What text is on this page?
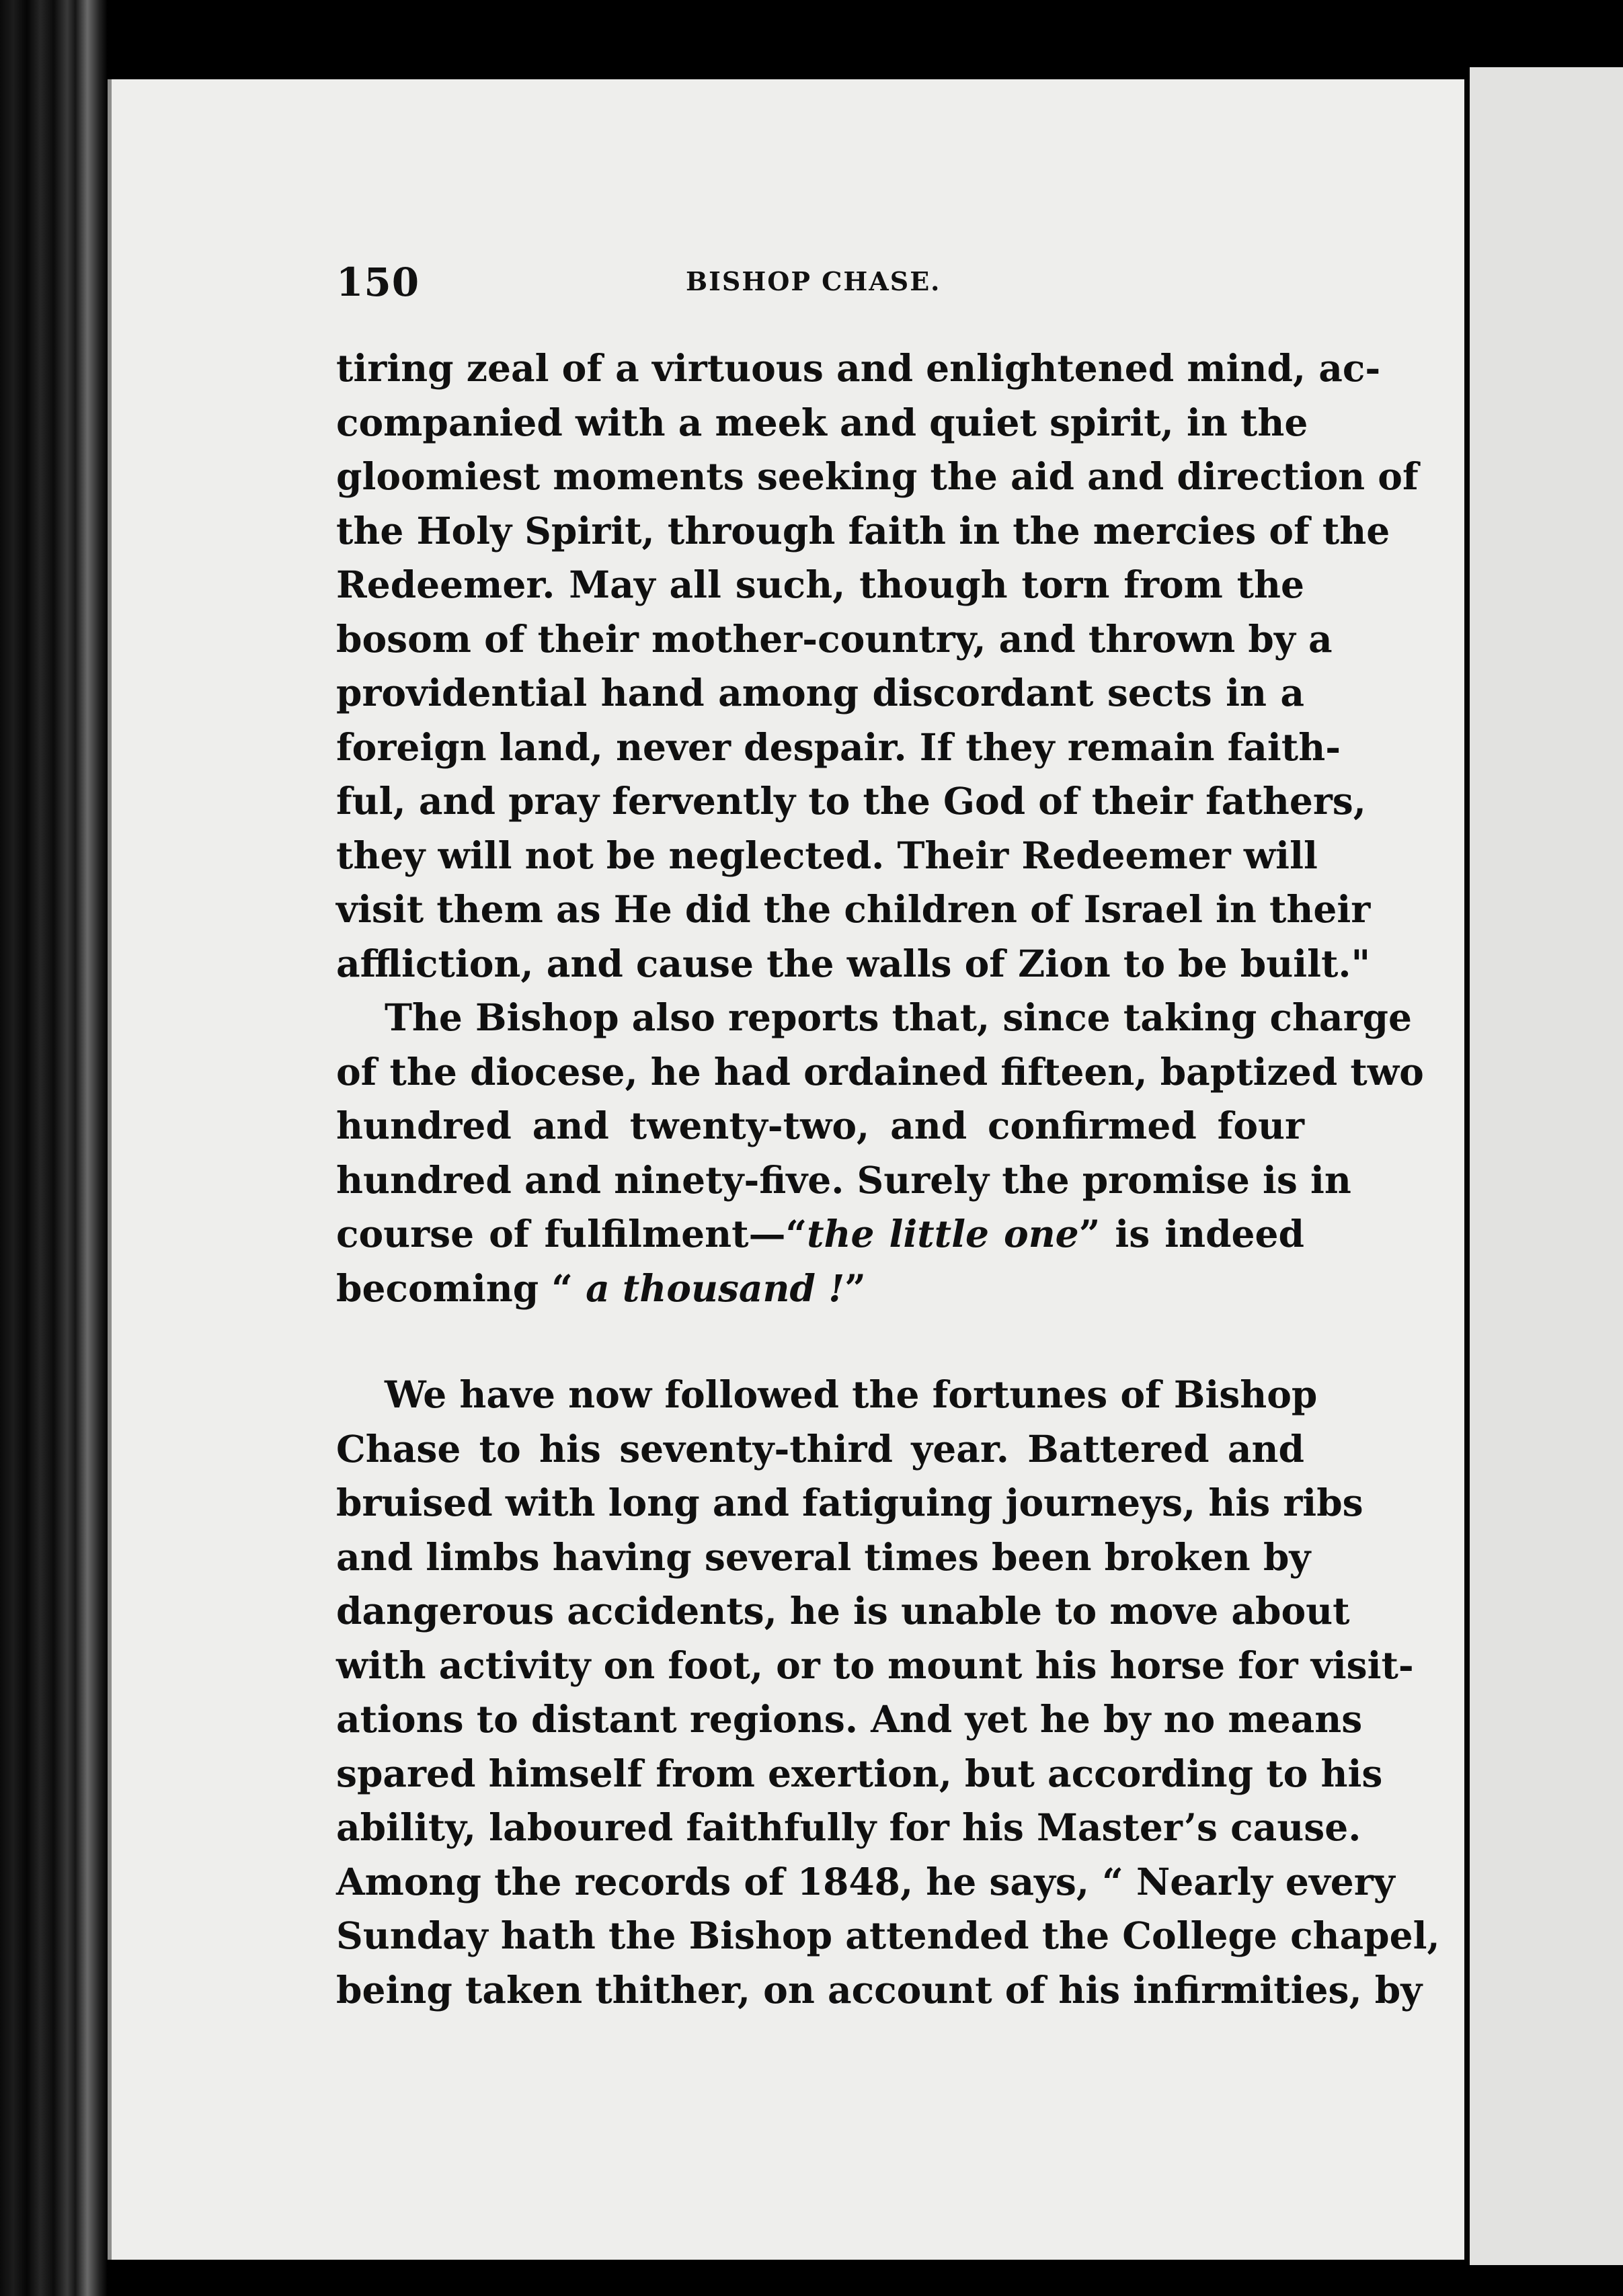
150	BISHOP CHASE.
tiring zeal of a virtuous and enlightened mind, ac-
companied with a meek and quiet spirit, in the
gloomiest moments seeking the aid and direction of
the Holy Spirit, through faith in the mercies of the
Redeemer. May all such, though torn from the
bosom of their mother-country, and thrown by a
providential hand among discordant sects in a
foreign land, never despair. If they remain faith-
ful, and pray fervently to the God of their fathers,
they will not be neglected. Their Redeemer will
visit them as He did the children of Israel in their
affliction, and cause the walls of Zion to be built."
The Bishop also reports that, since taking charge
of the diocese, he had ordained fifteen, baptized two
hundred and twenty-two, and confirmed four
hundred and ninety-five. Surely the promise is in
course of fulfilment—“the little one” is indeed
becoming “ a thousand !”
We have now followed the fortunes of Bishop
Chase to his seventy-third year. Battered and
bruised with long and fatiguing journeys, his ribs
and limbs having several times been broken by
dangerous accidents, he is unable to move about
with activity on foot, or to mount his horse for visit-
ations to distant regions. And yet he by no means
spared himself from exertion, but according to his
ability, laboured faithfully for his Master’s cause.
Among the records of 1848, he says, “ Nearly every
Sunday hath the Bishop attended the College chapel,
being taken thither, on account of his infirmities, by
